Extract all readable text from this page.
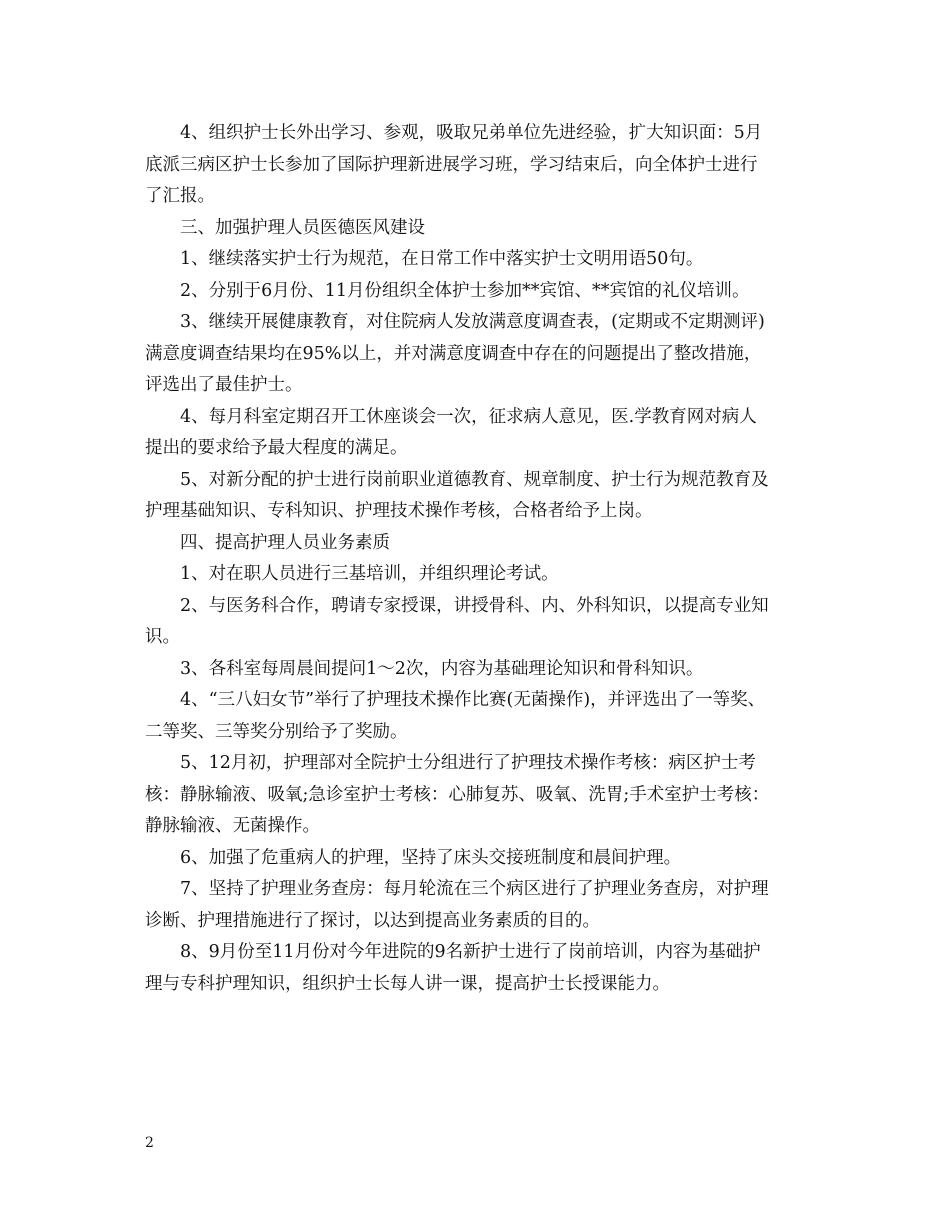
4、组织护士长外出学习、参观，吸取兄弟单位先进经验，扩大知识面：5月
底派三病区护士长参加了国际护理新进展学习班，学习结束后，向全体护士进行
了汇报。

三、加强护理人员医德医风建设

1、继续落实护士行为规范，在日常工作中落实护士文明用语50句。

2、分别于6月份、11月份组织全体护士参加**宾馆、**宾馆的礼仪培训。

3、继续开展健康教育，对住院病人发放满意度调查表，(定期或不定期测评)
满意度调查结果均在95%以上，并对满意度调查中存在的问题提出了整改措施，
评选出了最佳护士。

4、每月科室定期召开工休座谈会一次，征求病人意见，医.学教育网对病人
提出的要求给予最大程度的满足。

5、对新分配的护士进行岗前职业道德教育、规章制度、护士行为规范教育及
护理基础知识、专科知识、护理技术操作考核，合格者给予上岗。

四、提高护理人员业务素质

1、对在职人员进行三基培训，并组织理论考试。

2、与医务科合作，聘请专家授课，讲授骨科、内、外科知识，以提高专业知
识。

3、各科室每周晨间提问1～2次，内容为基础理论知识和骨科知识。

4、“三八妇女节”举行了护理技术操作比赛(无菌操作)，并评选出了一等奖、
二等奖、三等奖分别给予了奖励。

5、12月初，护理部对全院护士分组进行了护理技术操作考核：病区护士考
核：静脉输液、吸氧;急诊室护士考核：心肺复苏、吸氧、洗胃;手术室护士考核：
静脉输液、无菌操作。

6、加强了危重病人的护理，坚持了床头交接班制度和晨间护理。

7、坚持了护理业务查房：每月轮流在三个病区进行了护理业务查房，对护理
诊断、护理措施进行了探讨，以达到提高业务素质的目的。

8、9月份至11月份对今年进院的9名新护士进行了岗前培训，内容为基础护
理与专科护理知识，组织护士长每人讲一课，提高护士长授课能力。

2
